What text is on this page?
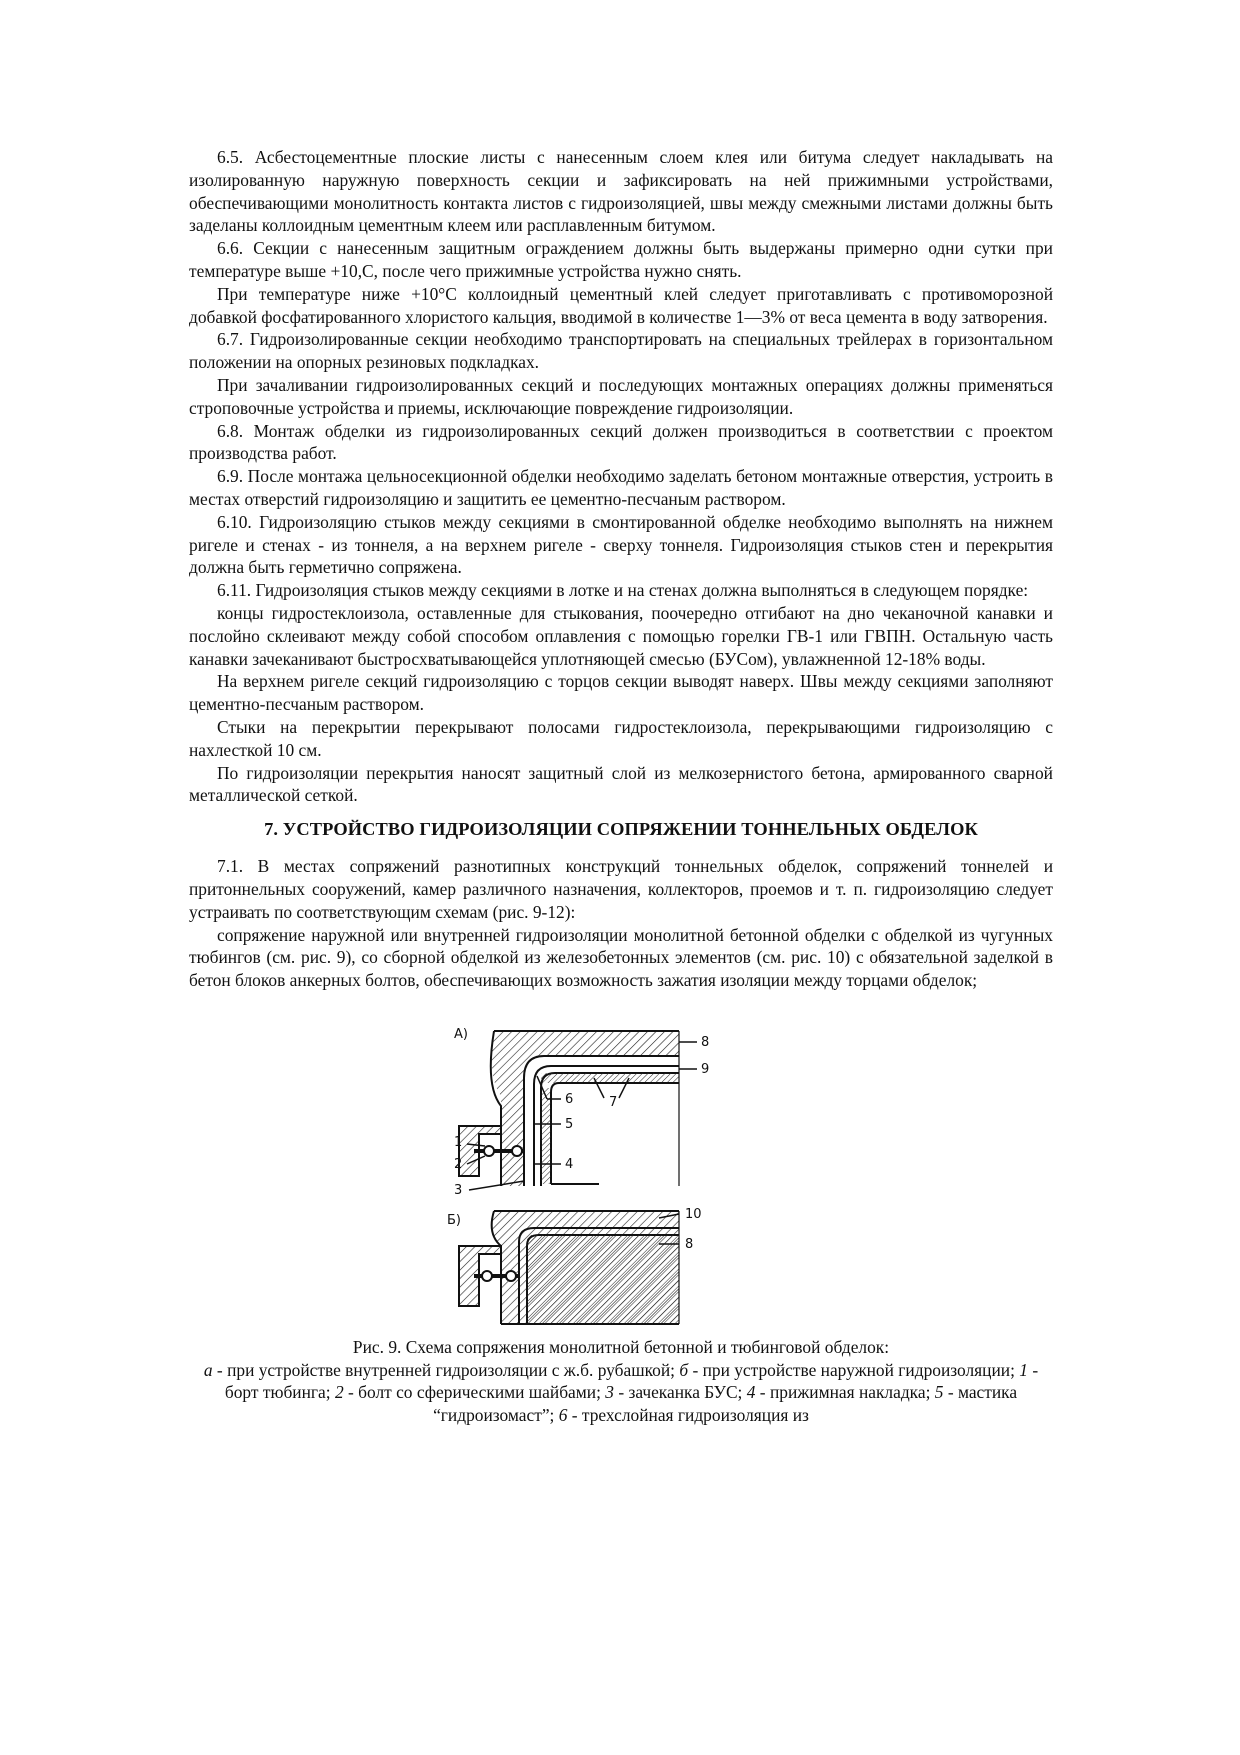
6.5. Асбестоцементные плоские листы с нанесенным слоем клея или битума следует накладывать на изолированную наружную поверхность секции и зафиксировать на ней прижимными устройствами, обеспечивающими монолитность контакта листов с гидроизоляцией, швы между смежными листами должны быть заделаны коллоидным цементным клеем или расплавленным битумом.

6.6. Секции с нанесенным защитным ограждением должны быть выдержаны примерно одни сутки при температуре выше +10,С, после чего прижимные устройства нужно снять.

При температуре ниже +10°С коллоидный цементный клей следует приготавливать с противоморозной добавкой фосфатированного хлористого кальция, вводимой в количестве 1—3% от веса цемента в воду затворения.

6.7. Гидроизолированные секции необходимо транспортировать на специальных трейлерах в горизонтальном положении на опорных резиновых подкладках.

При зачаливании гидроизолированных секций и последующих монтажных операциях должны применяться строповочные устройства и приемы, исключающие повреждение гидроизоляции.

6.8. Монтаж обделки из гидроизолированных секций должен производиться в соответствии с проектом производства работ.

6.9. После монтажа цельносекционной обделки необходимо заделать бетоном монтажные отверстия, устроить в местах отверстий гидроизоляцию и защитить ее цементно-песчаным раствором.

6.10. Гидроизоляцию стыков между секциями в смонтированной обделке необходимо выполнять на нижнем ригеле и стенах - из тоннеля, а на верхнем ригеле - сверху тоннеля. Гидроизоляция стыков стен и перекрытия должна быть герметично сопряжена.

6.11. Гидроизоляция стыков между секциями в лотке и на стенах должна выполняться в следующем порядке:

концы гидростеклоизола, оставленные для стыкования, поочередно отгибают на дно чеканочной канавки и послойно склеивают между собой способом оплавления с помощью горелки ГВ-1 или ГВПН. Остальную часть канавки зачеканивают быстросхватывающейся уплотняющей смесью (БУСом), увлажненной 12-18% воды.

На верхнем ригеле секций гидроизоляцию с торцов секции выводят наверх. Швы между секциями заполняют цементно-песчаным раствором.

Стыки на перекрытии перекрывают полосами гидростеклоизола, перекрывающими гидроизоляцию с нахлесткой 10 см.

По гидроизоляции перекрытия наносят защитный слой из мелкозернистого бетона, армированного сварной металлической сеткой.

7. УСТРОЙСТВО ГИДРОИЗОЛЯЦИИ СОПРЯЖЕНИИ ТОННЕЛЬНЫХ ОБДЕЛОК

7.1. В местах сопряжений разнотипных конструкций тоннельных обделок, сопряжений тоннелей и притоннельных сооружений, камер различного назначения, коллекторов, проемов и т. п. гидроизоляцию следует устраивать по соответствующим схемам (рис. 9-12):

сопряжение наружной или внутренней гидроизоляции монолитной бетонной обделки с обделкой из чугунных тюбингов (см. рис. 9), со сборной обделкой из железобетонных элементов (см. рис. 10) с обязательной заделкой в бетон блоков анкерных болтов, обеспечивающих возможность зажатия изоляции между торцами обделок;

А)
8
9
6	7
5
1
2	4
3
Б)	10
8
Рис. 9. Схема сопряжения монолитной бетонной и тюбинговой обделок:
а - при устройстве внутренней гидроизоляции с ж.б. рубашкой; б - при устройстве наружной гидроизоляции; 1 - борт тюбинга; 2 - болт со сферическими шайбами; 3 - зачеканка БУС; 4 - прижимная накладка; 5 - мастика “гидроизомаст”; 6 - трехслойная гидроизоляция из
